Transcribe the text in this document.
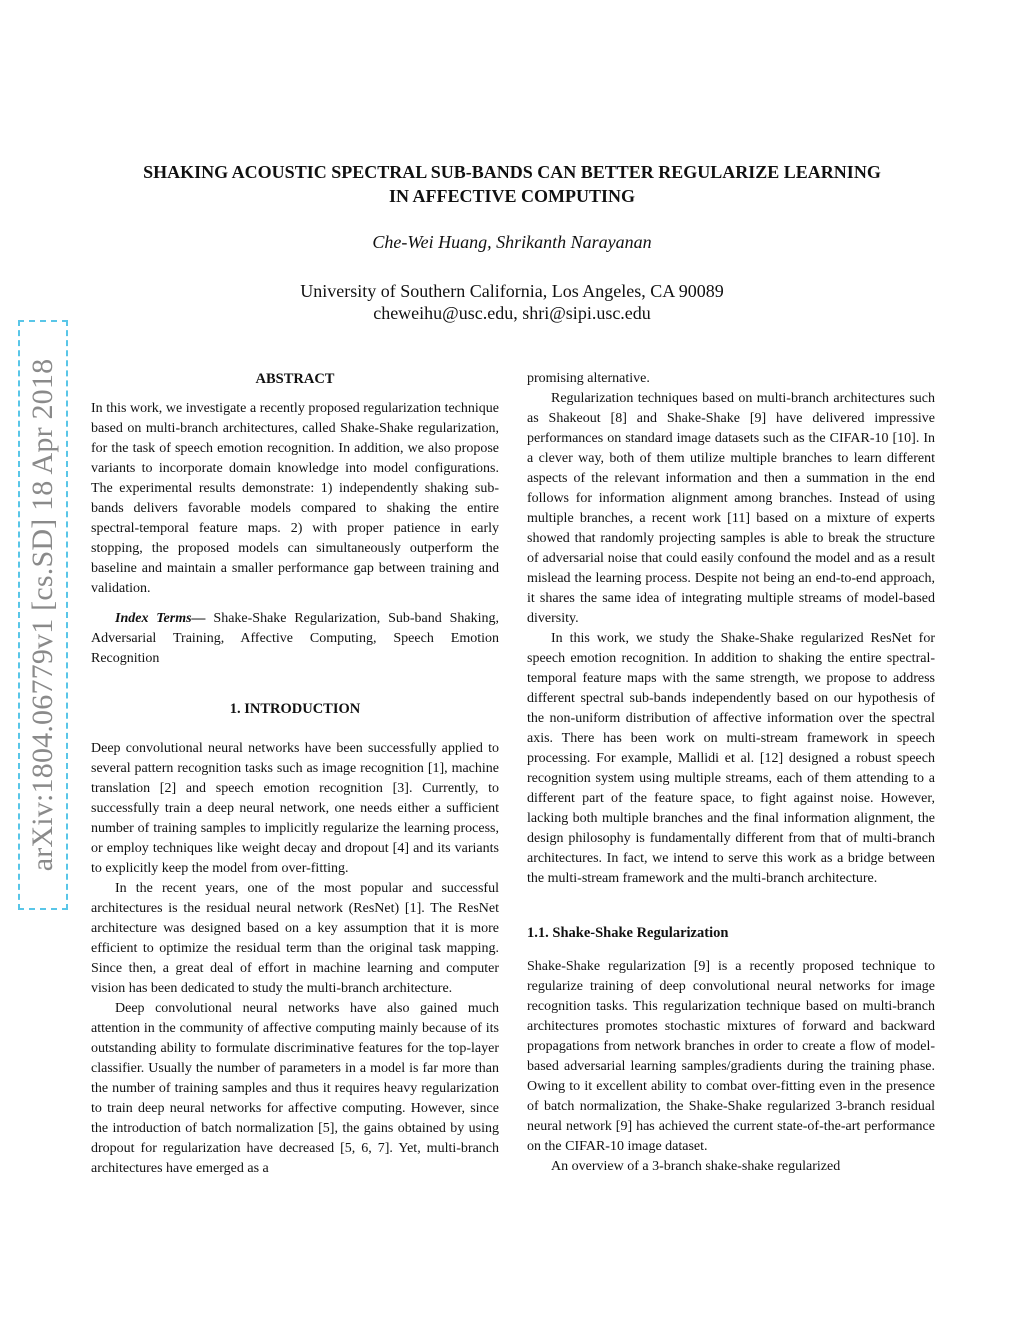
arXiv:1804.06779v1 [cs.SD] 18 Apr 2018
SHAKING ACOUSTIC SPECTRAL SUB-BANDS CAN BETTER REGULARIZE LEARNING
IN AFFECTIVE COMPUTING
Che-Wei Huang, Shrikanth Narayanan
University of Southern California, Los Angeles, CA 90089
cheweihu@usc.edu, shri@sipi.usc.edu
ABSTRACT

In this work, we investigate a recently proposed regularization technique based on multi-branch architectures, called Shake-Shake regularization, for the task of speech emotion recognition. In addition, we also propose variants to incorporate domain knowledge into model configurations. The experimental results demonstrate: 1) independently shaking sub-bands delivers favorable models compared to shaking the entire spectral-temporal feature maps. 2) with proper patience in early stopping, the proposed models can simultaneously outperform the baseline and maintain a smaller performance gap between training and validation.

Index Terms— Shake-Shake Regularization, Sub-band Shaking, Adversarial Training, Affective Computing, Speech Emotion Recognition

1. INTRODUCTION

Deep convolutional neural networks have been successfully applied to several pattern recognition tasks such as image recognition [1], machine translation [2] and speech emotion recognition [3]. Currently, to successfully train a deep neural network, one needs either a sufficient number of training samples to implicitly regularize the learning process, or employ techniques like weight decay and dropout [4] and its variants to explicitly keep the model from over-fitting.

In the recent years, one of the most popular and successful architectures is the residual neural network (ResNet) [1]. The ResNet architecture was designed based on a key assumption that it is more efficient to optimize the residual term than the original task mapping. Since then, a great deal of effort in machine learning and computer vision has been dedicated to study the multi-branch architecture.

Deep convolutional neural networks have also gained much attention in the community of affective computing mainly because of its outstanding ability to formulate discriminative features for the top-layer classifier. Usually the number of parameters in a model is far more than the number of training samples and thus it requires heavy regularization to train deep neural networks for affective computing. However, since the introduction of batch normalization [5], the gains obtained by using dropout for regularization have decreased [5, 6, 7]. Yet, multi-branch architectures have emerged as a

promising alternative.

Regularization techniques based on multi-branch architectures such as Shakeout [8] and Shake-Shake [9] have delivered impressive performances on standard image datasets such as the CIFAR-10 [10]. In a clever way, both of them utilize multiple branches to learn different aspects of the relevant information and then a summation in the end follows for information alignment among branches. Instead of using multiple branches, a recent work [11] based on a mixture of experts showed that randomly projecting samples is able to break the structure of adversarial noise that could easily confound the model and as a result mislead the learning process. Despite not being an end-to-end approach, it shares the same idea of integrating multiple streams of model-based diversity.

In this work, we study the Shake-Shake regularized ResNet for speech emotion recognition. In addition to shaking the entire spectral-temporal feature maps with the same strength, we propose to address different spectral sub-bands independently based on our hypothesis of the non-uniform distribution of affective information over the spectral axis. There has been work on multi-stream framework in speech processing. For example, Mallidi et al. [12] designed a robust speech recognition system using multiple streams, each of them attending to a different part of the feature space, to fight against noise. However, lacking both multiple branches and the final information alignment, the design philosophy is fundamentally different from that of multi-branch architectures. In fact, we intend to serve this work as a bridge between the multi-stream framework and the multi-branch architecture.

1.1. Shake-Shake Regularization

Shake-Shake regularization [9] is a recently proposed technique to regularize training of deep convolutional neural networks for image recognition tasks. This regularization technique based on multi-branch architectures promotes stochastic mixtures of forward and backward propagations from network branches in order to create a flow of model-based adversarial learning samples/gradients during the training phase. Owing to it excellent ability to combat over-fitting even in the presence of batch normalization, the Shake-Shake regularized 3-branch residual neural network [9] has achieved the current state-of-the-art performance on the CIFAR-10 image dataset.

An overview of a 3-branch shake-shake regularized
